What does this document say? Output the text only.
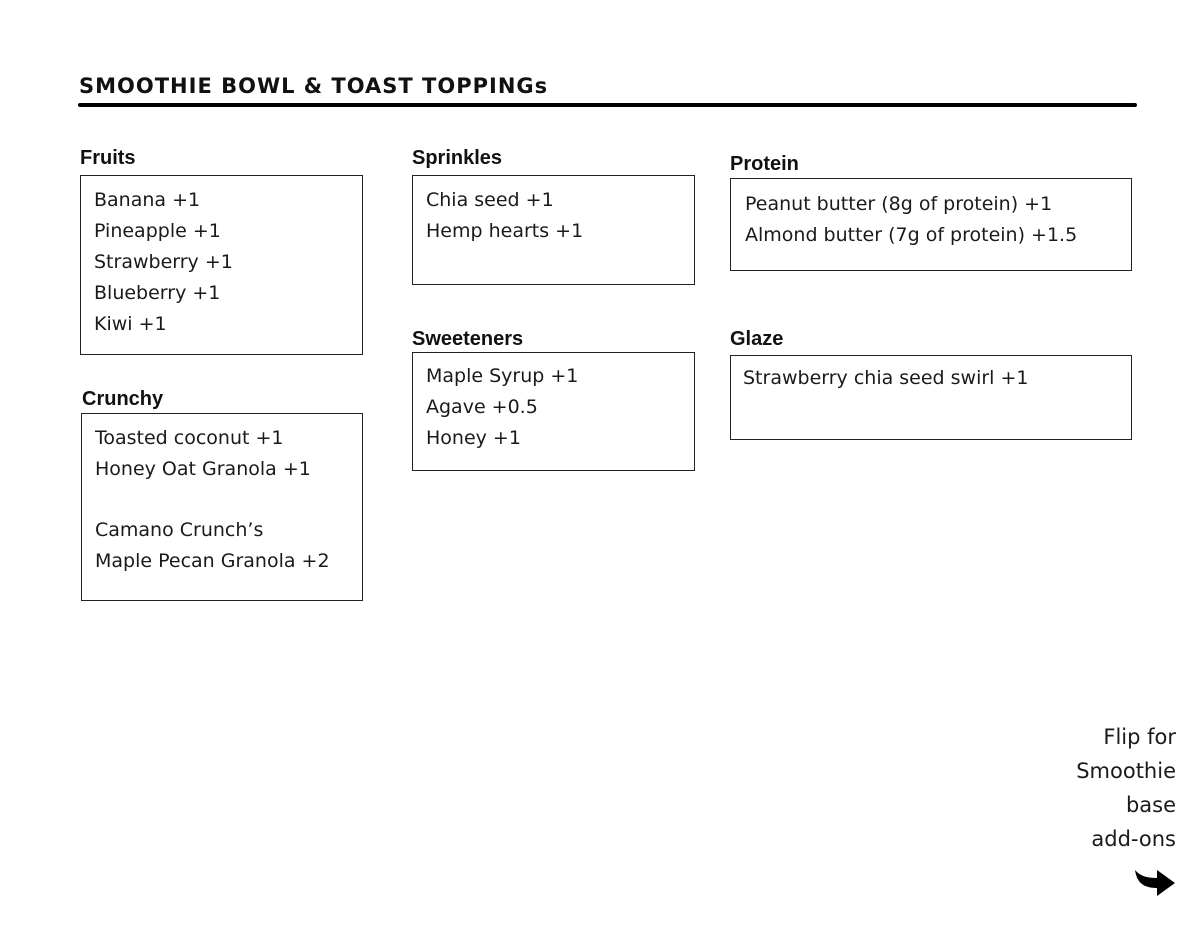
SMOOTHIE BOWL & TOAST TOPPINGs
Fruits
Banana +1
Pineapple +1
Strawberry +1
Blueberry +1
Kiwi +1
Crunchy
Toasted coconut +1
Honey Oat Granola +1
Camano Crunch’s
Maple Pecan Granola +2
Sprinkles
Chia seed +1
Hemp hearts +1
Sweeteners
Maple Syrup +1
Agave +0.5
Honey +1
Protein
Peanut butter (8g of protein) +1
Almond butter (7g of protein) +1.5
Glaze
Strawberry chia seed swirl +1
Flip for
Smoothie
base
add-ons
